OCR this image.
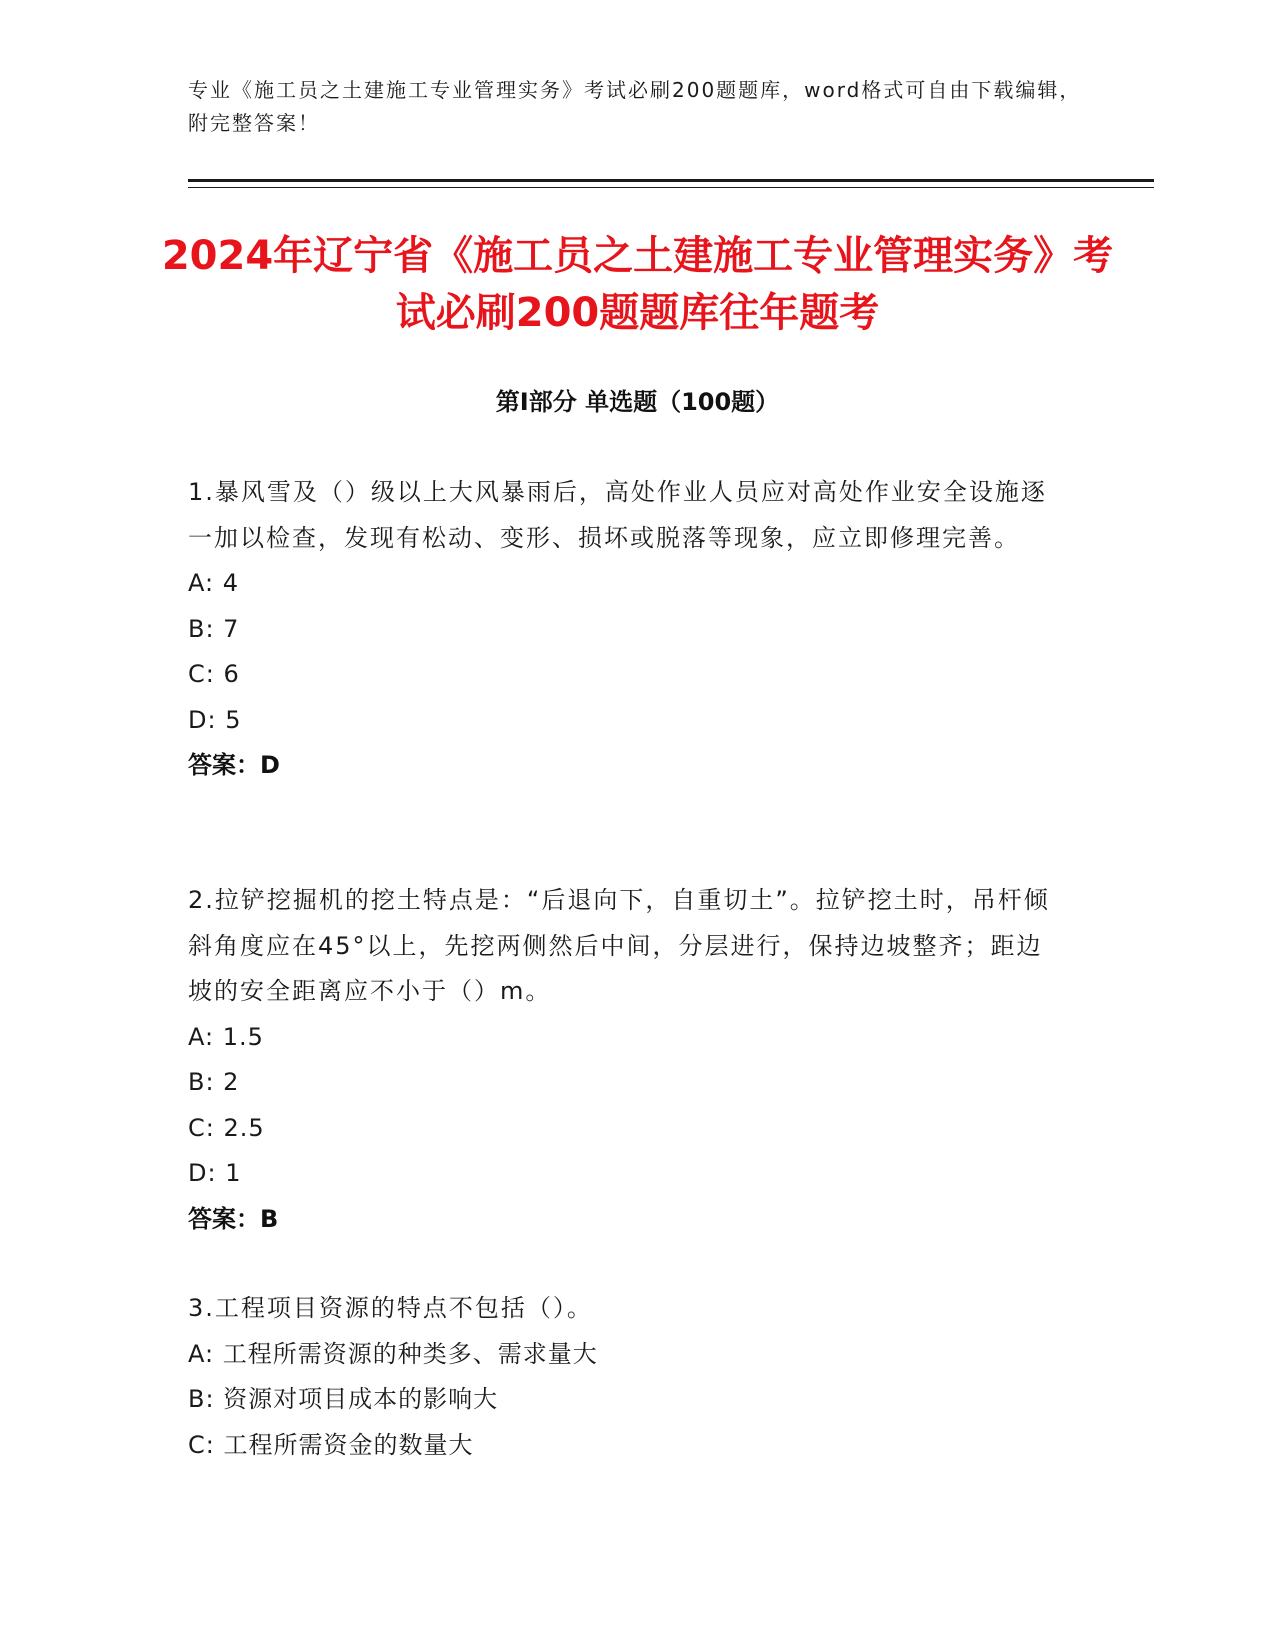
专业《施工员之土建施工专业管理实务》考试必刷200题题库，word格式可自由下载编辑，附完整答案！
2024年辽宁省《施工员之土建施工专业管理实务》考试必刷200题题库往年题考
第I部分 单选题（100题）

1.暴风雪及（）级以上大风暴雨后，高处作业人员应对高处作业安全设施逐一加以检查，发现有松动、变形、损坏或脱落等现象，应立即修理完善。

A: 4
B: 7
C: 6
D: 5
答案：D

2.拉铲挖掘机的挖土特点是：“后退向下，自重切土”。拉铲挖土时，吊杆倾斜角度应在45°以上，先挖两侧然后中间，分层进行，保持边坡整齐；距边坡的安全距离应不小于（）m。

A: 1.5
B: 2
C: 2.5
D: 1
答案：B

3.工程项目资源的特点不包括（）。

A: 工程所需资源的种类多、需求量大
B: 资源对项目成本的影响大
C: 工程所需资金的数量大
